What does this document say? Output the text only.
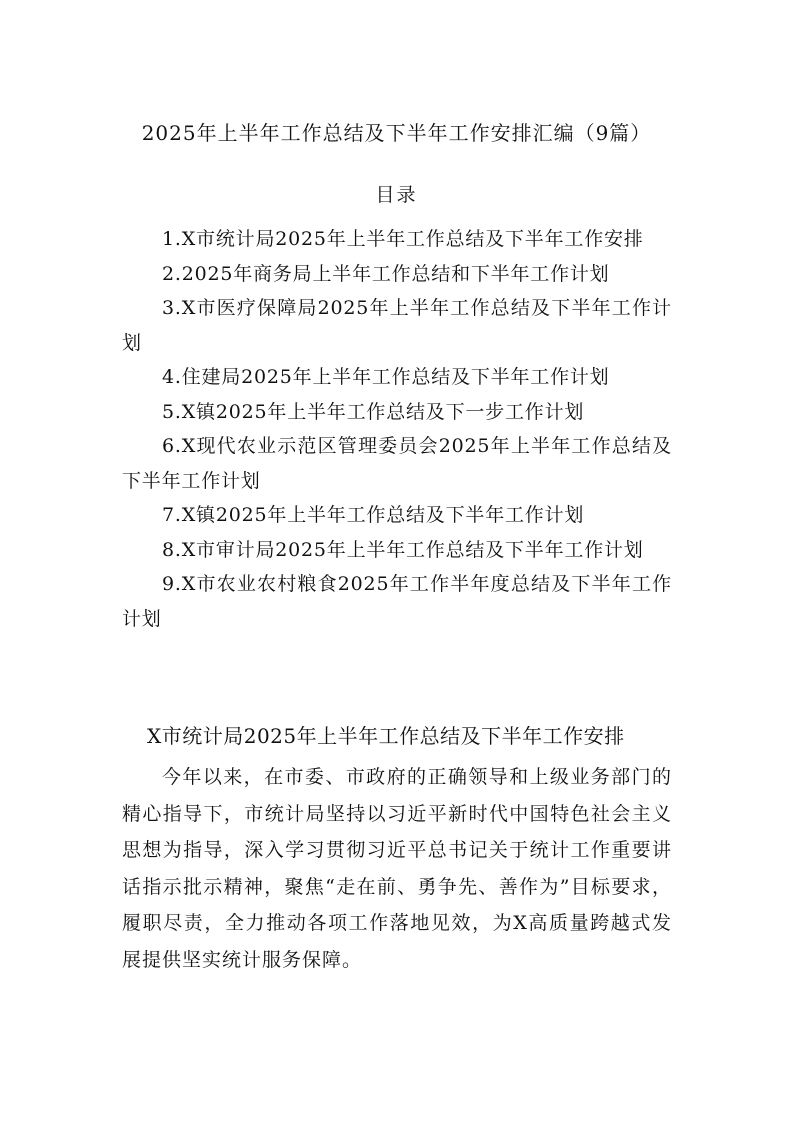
2025年上半年工作总结及下半年工作安排汇编（9篇）
目录
1.X市统计局2025年上半年工作总结及下半年工作安排
2.2025年商务局上半年工作总结和下半年工作计划
3.X市医疗保障局2025年上半年工作总结及下半年工作计划
4.住建局2025年上半年工作总结及下半年工作计划
5.X镇2025年上半年工作总结及下一步工作计划
6.X现代农业示范区管理委员会2025年上半年工作总结及下半年工作计划
7.X镇2025年上半年工作总结及下半年工作计划
8.X市审计局2025年上半年工作总结及下半年工作计划
9.X市农业农村粮食2025年工作半年度总结及下半年工作计划
X市统计局2025年上半年工作总结及下半年工作安排

今年以来，在市委、市政府的正确领导和上级业务部门的精心指导下，市统计局坚持以习近平新时代中国特色社会主义思想为指导，深入学习贯彻习近平总书记关于统计工作重要讲话指示批示精神，聚焦“走在前、勇争先、善作为”目标要求，履职尽责，全力推动各项工作落地见效，为X高质量跨越式发展提供坚实统计服务保障。
